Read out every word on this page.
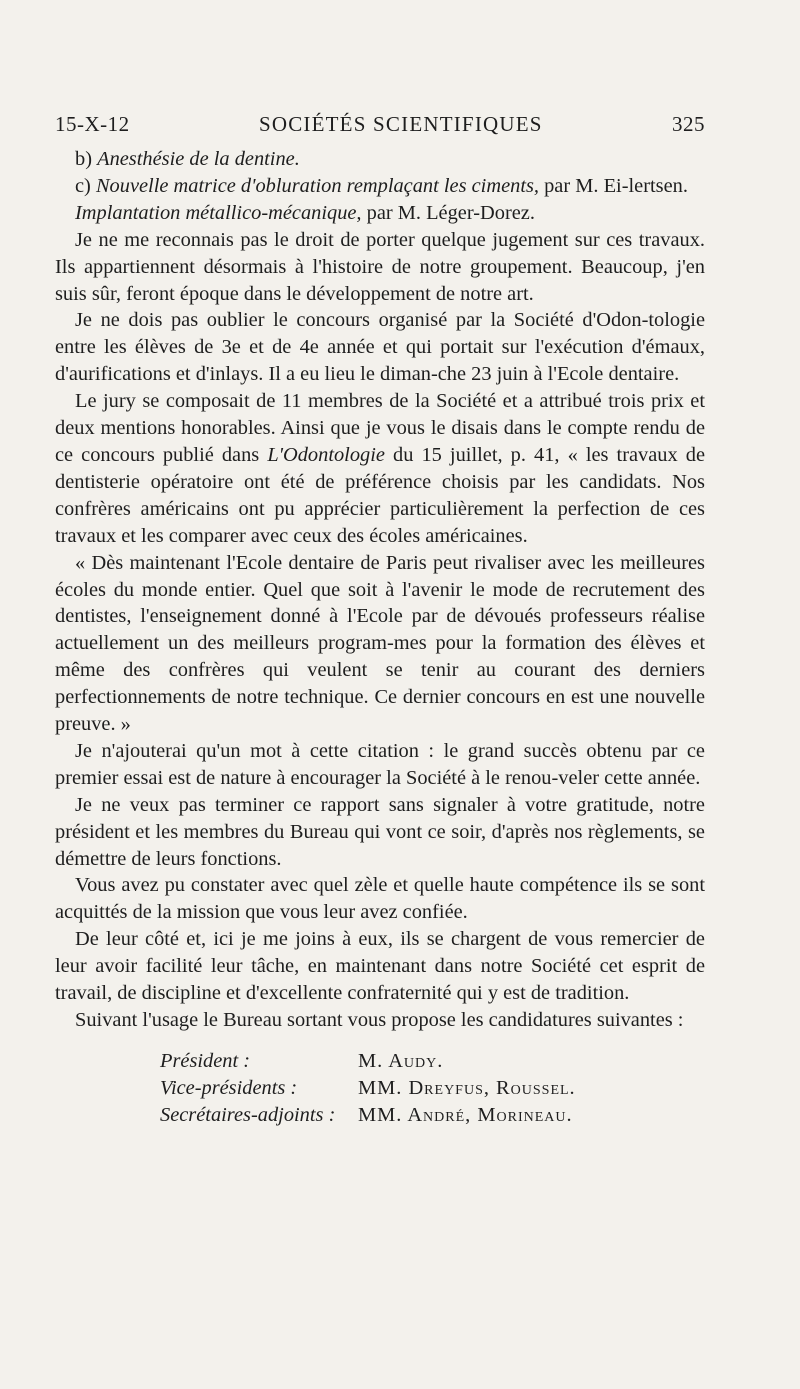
15-X-12	SOCIÉTÉS SCIENTIFIQUES	325

b) Anesthésie de la dentine.

c) Nouvelle matrice d'obluration remplaçant les ciments, par M. Ei-lertsen.

Implantation métallico-mécanique, par M. Léger-Dorez.

Je ne me reconnais pas le droit de porter quelque jugement sur ces travaux. Ils appartiennent désormais à l'histoire de notre groupement. Beaucoup, j'en suis sûr, feront époque dans le développement de notre art.

Je ne dois pas oublier le concours organisé par la Société d'Odon-tologie entre les élèves de 3e et de 4e année et qui portait sur l'exécution d'émaux, d'aurifications et d'inlays. Il a eu lieu le diman-che 23 juin à l'Ecole dentaire.

Le jury se composait de 11 membres de la Société et a attribué trois prix et deux mentions honorables. Ainsi que je vous le disais dans le compte rendu de ce concours publié dans L'Odontologie du 15 juillet, p. 41, « les travaux de dentisterie opératoire ont été de préférence choisis par les candidats. Nos confrères américains ont pu apprécier particulièrement la perfection de ces travaux et les comparer avec ceux des écoles américaines.

« Dès maintenant l'Ecole dentaire de Paris peut rivaliser avec les meilleures écoles du monde entier. Quel que soit à l'avenir le mode de recrutement des dentistes, l'enseignement donné à l'Ecole par de dévoués professeurs réalise actuellement un des meilleurs program-mes pour la formation des élèves et même des confrères qui veulent se tenir au courant des derniers perfectionnements de notre technique. Ce dernier concours en est une nouvelle preuve. »

Je n'ajouterai qu'un mot à cette citation : le grand succès obtenu par ce premier essai est de nature à encourager la Société à le renou-veler cette année.

Je ne veux pas terminer ce rapport sans signaler à votre gratitude, notre président et les membres du Bureau qui vont ce soir, d'après nos règlements, se démettre de leurs fonctions.

Vous avez pu constater avec quel zèle et quelle haute compétence ils se sont acquittés de la mission que vous leur avez confiée.

De leur côté et, ici je me joins à eux, ils se chargent de vous remercier de leur avoir facilité leur tâche, en maintenant dans notre Société cet esprit de travail, de discipline et d'excellente confraternité qui y est de tradition.

Suivant l'usage le Bureau sortant vous propose les candidatures suivantes :

Président :	M. Audy.
Vice-présidents :	MM. Dreyfus, Roussel.
Secrétaires-adjoints :	MM. André, Morineau.
